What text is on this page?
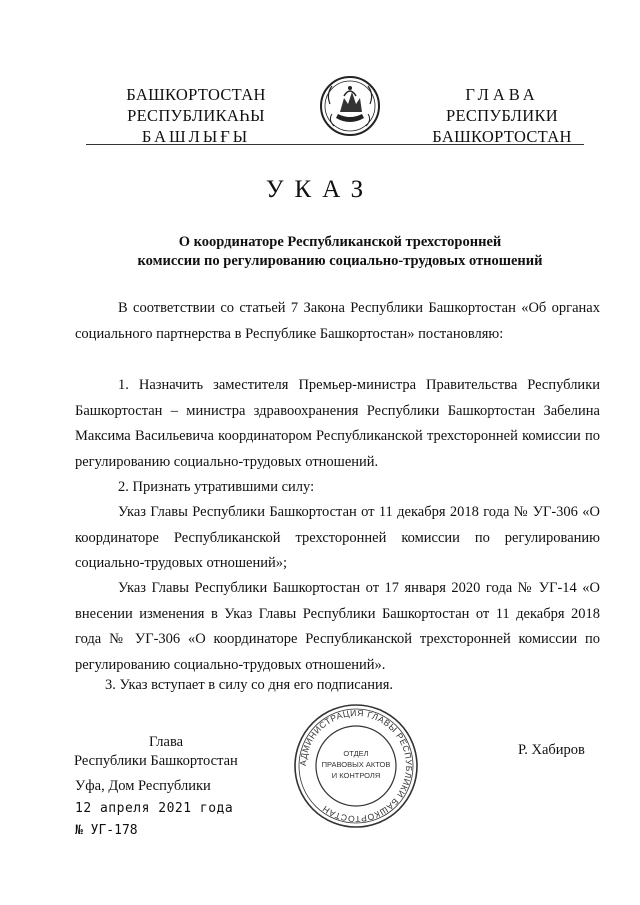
БАШКОРТОСТАН
РЕСПУБЛИКАҺЫ
БАШЛЫҒЫ
ГЛАВА
РЕСПУБЛИКИ
БАШКОРТОСТАН
УКАЗ
О координаторе Республиканской трехсторонней
комиссии по регулированию социально-трудовых отношений
В соответствии со статьей 7 Закона Республики Башкортостан «Об органах социального партнерства в Республике Башкортостан» постановляю:
1. Назначить заместителя Премьер-министра Правительства Республики Башкортостан – министра здравоохранения Республики Башкортостан Забелина Максима Васильевича координатором Республиканской трехсторонней комиссии по регулированию социально-трудовых отношений.
2. Признать утратившими силу:
Указ Главы Республики Башкортостан от 11 декабря 2018 года № УГ-306 «О координаторе Республиканской трехсторонней комиссии по регулированию социально-трудовых отношений»;
Указ Главы Республики Башкортостан от 17 января 2020 года № УГ-14 «О внесении изменения в Указ Главы Республики Башкортостан от 11 декабря 2018 года № УГ-306 «О координаторе Республиканской трехсторонней комиссии по регулированию социально-трудовых отношений».
3. Указ вступает в силу со дня его подписания.
Глава
Республики Башкортостан	АДМИНИСТРАЦИЯ ГЛАВЫ РЕСПУБЛИКИ БАШКОРТОСТАН
ОТДЕЛ
ПРАВОВЫХ АКТОВ
И КОНТРОЛЯ
Р. Хабиров
Уфа, Дом Республики
12 апреля 2021 года
№ УГ-178
